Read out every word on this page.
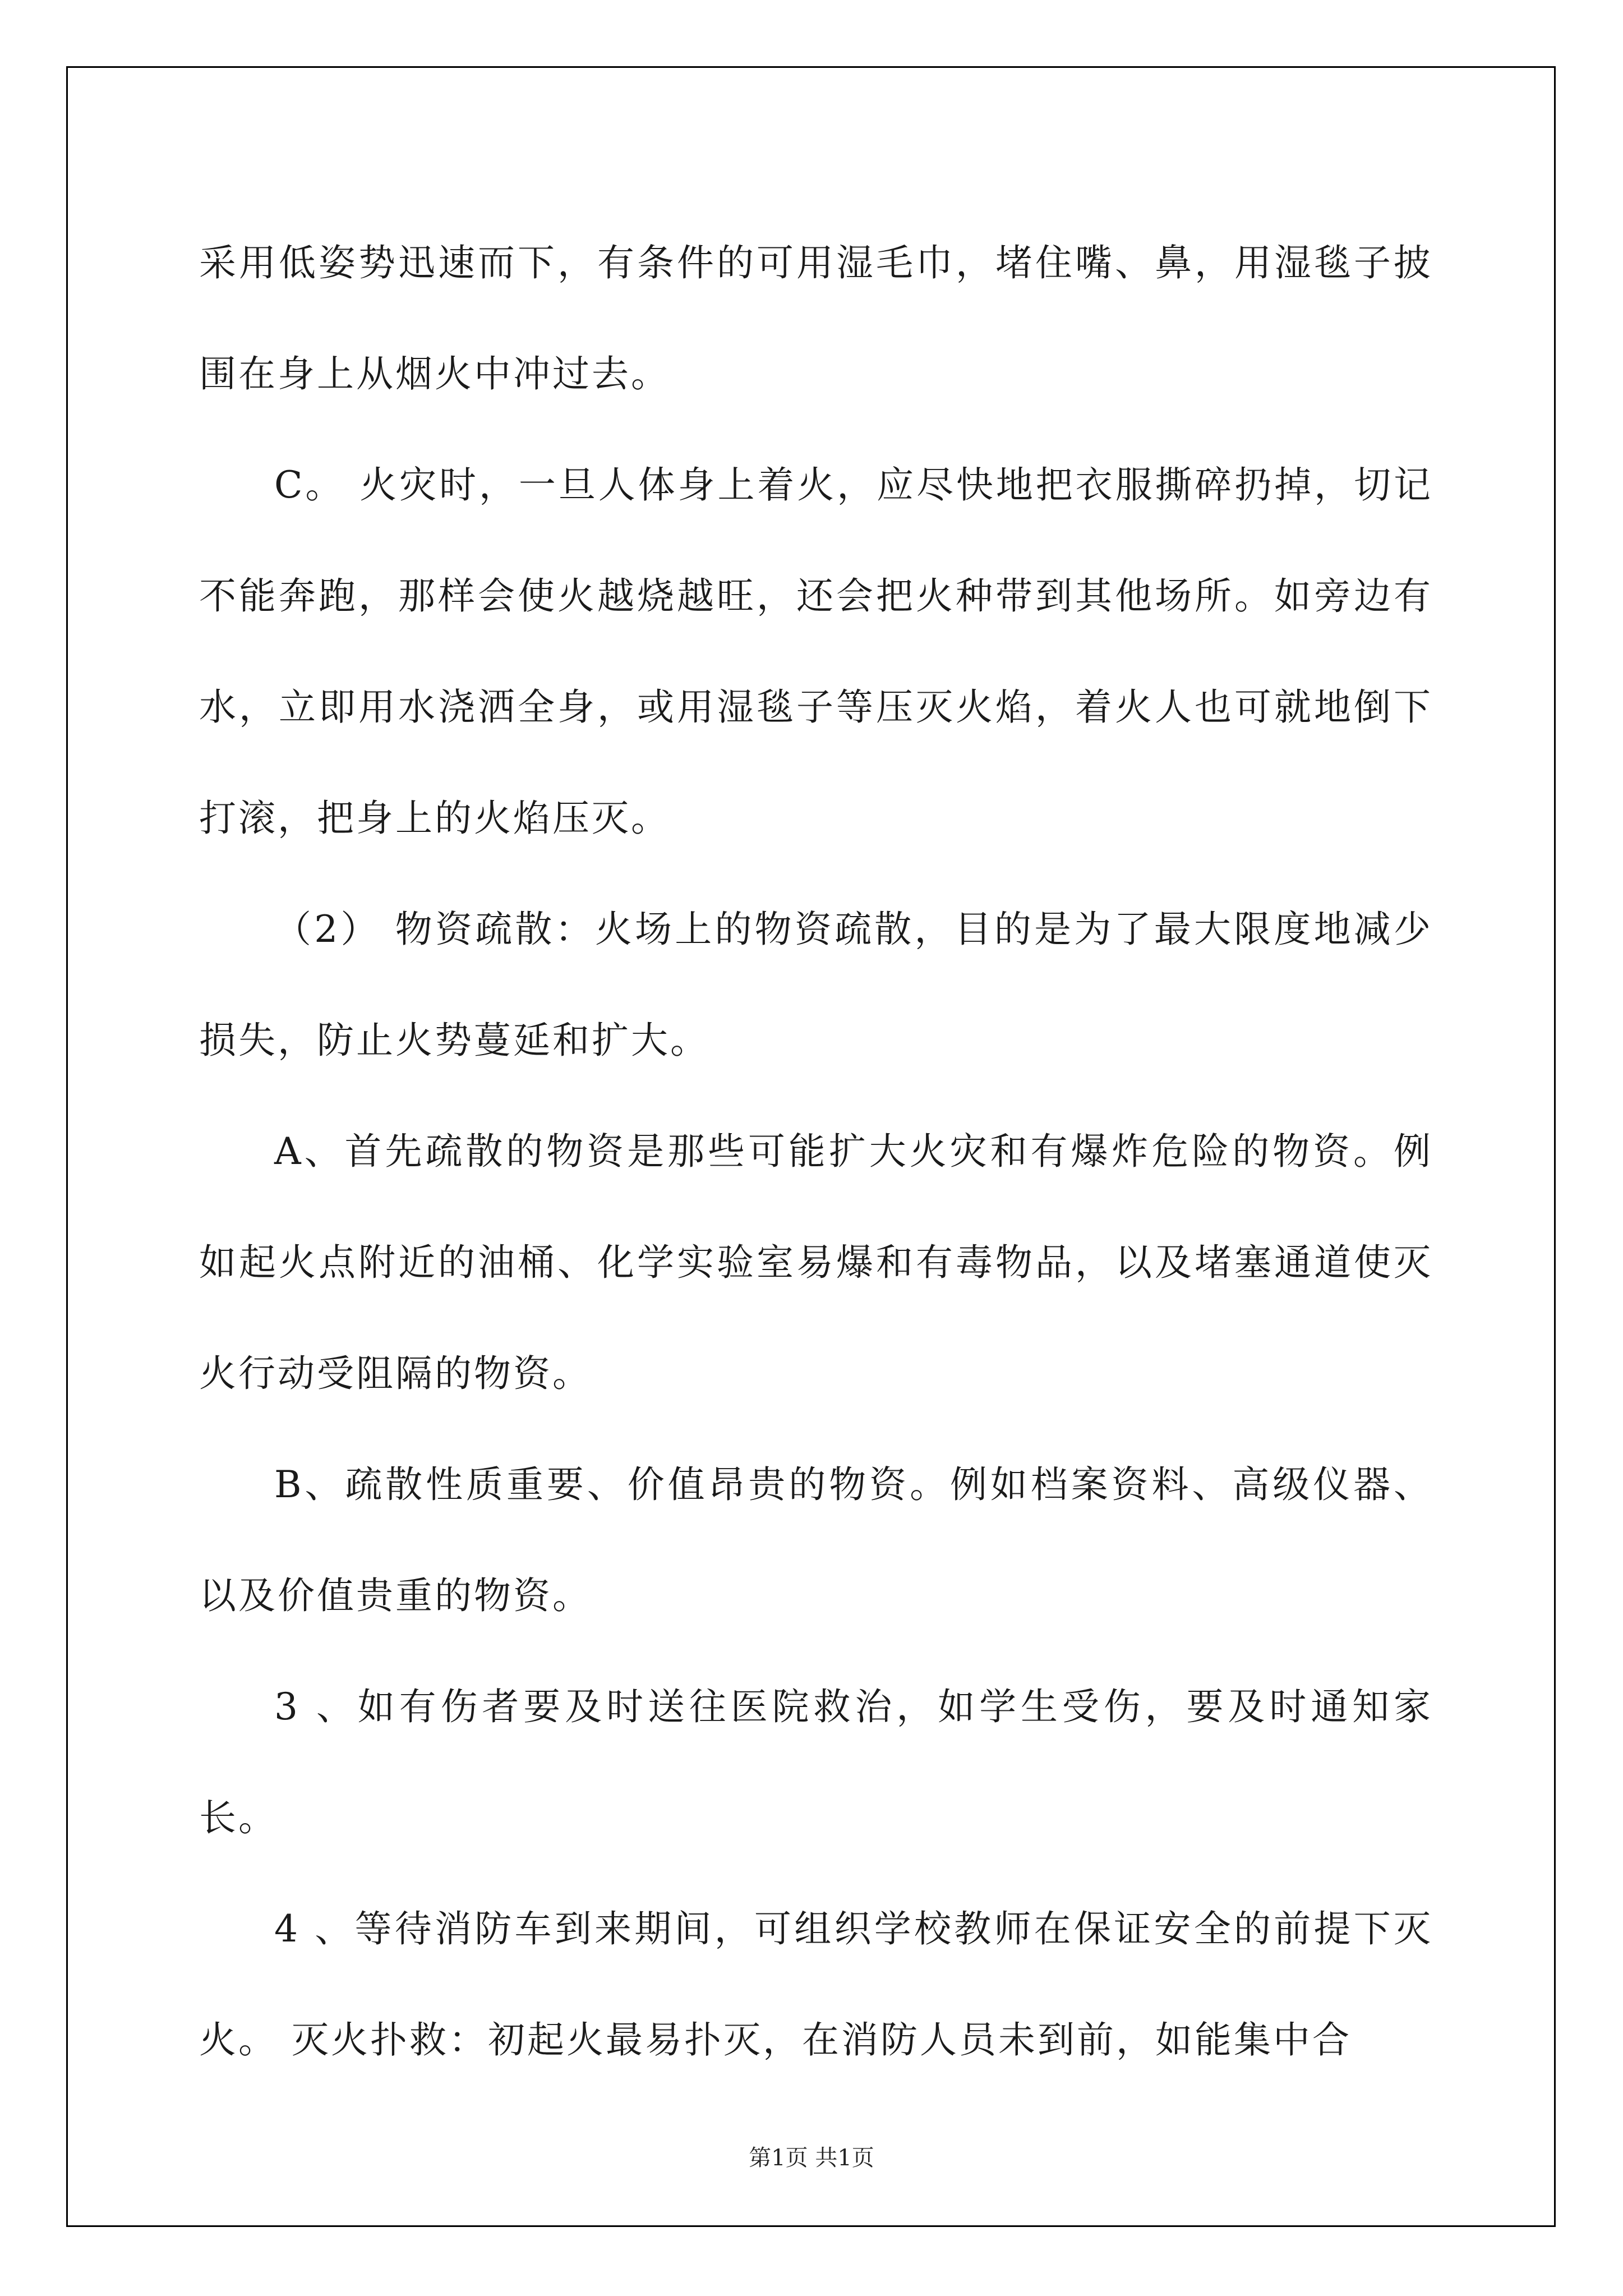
采用低姿势迅速而下，有条件的可用湿毛巾，堵住嘴、鼻，用湿毯子披围在身上从烟火中冲过去。

C。 火灾时，一旦人体身上着火，应尽快地把衣服撕碎扔掉，切记不能奔跑，那样会使火越烧越旺，还会把火种带到其他场所。如旁边有水，立即用水浇洒全身，或用湿毯子等压灭火焰，着火人也可就地倒下打滚，把身上的火焰压灭。

（2） 物资疏散：火场上的物资疏散，目的是为了最大限度地减少损失，防止火势蔓延和扩大。

A、首先疏散的物资是那些可能扩大火灾和有爆炸危险的物资。例如起火点附近的油桶、化学实验室易爆和有毒物品，以及堵塞通道使灭火行动受阻隔的物资。

B、疏散性质重要、价值昂贵的物资。例如档案资料、高级仪器、以及价值贵重的物资。

3 、如有伤者要及时送往医院救治，如学生受伤，要及时通知家长。

4 、等待消防车到来期间，可组织学校教师在保证安全的前提下灭火。 灭火扑救：初起火最易扑灭，在消防人员未到前，如能集中合

第1页 共1页
